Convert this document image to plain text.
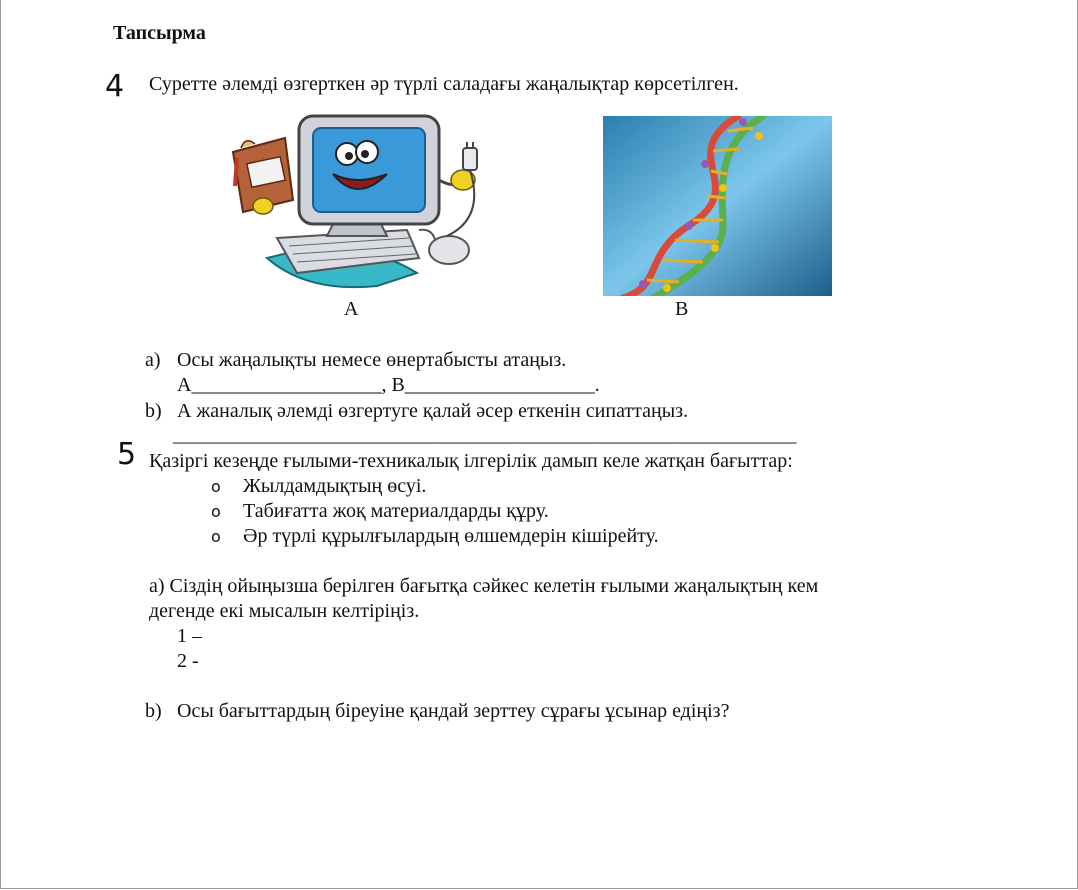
Тапсырма
4 Суретте әлемді өзгерткен әр түрлі саладағы жаңалықтар көрсетілген.
A	B
a) Осы жаңалықты немесе өнертабысты атаңыз.
A___________________, B___________________.
b) А жаналық әлемді өзгертуге қалай әсер еткенін сипаттаңыз.
______________________________________________________________________
5 Қазіргі кезеңде ғылыми-техникалық ілгерілік дамып келе жатқан бағыттар:
o Жылдамдықтың өсуі.
o Табиғатта жоқ материалдарды құру.
o Әр түрлі құрылғылардың өлшемдерін кішірейту.
a) Сіздің ойыңызша берілген бағытқа сәйкес келетін ғылыми жаңалықтың кем
дегенде екі мысалын келтіріңіз.
1 –
2 -
b) Осы бағыттардың біреуіне қандай зерттеу сұрағы ұсынар едіңіз?
